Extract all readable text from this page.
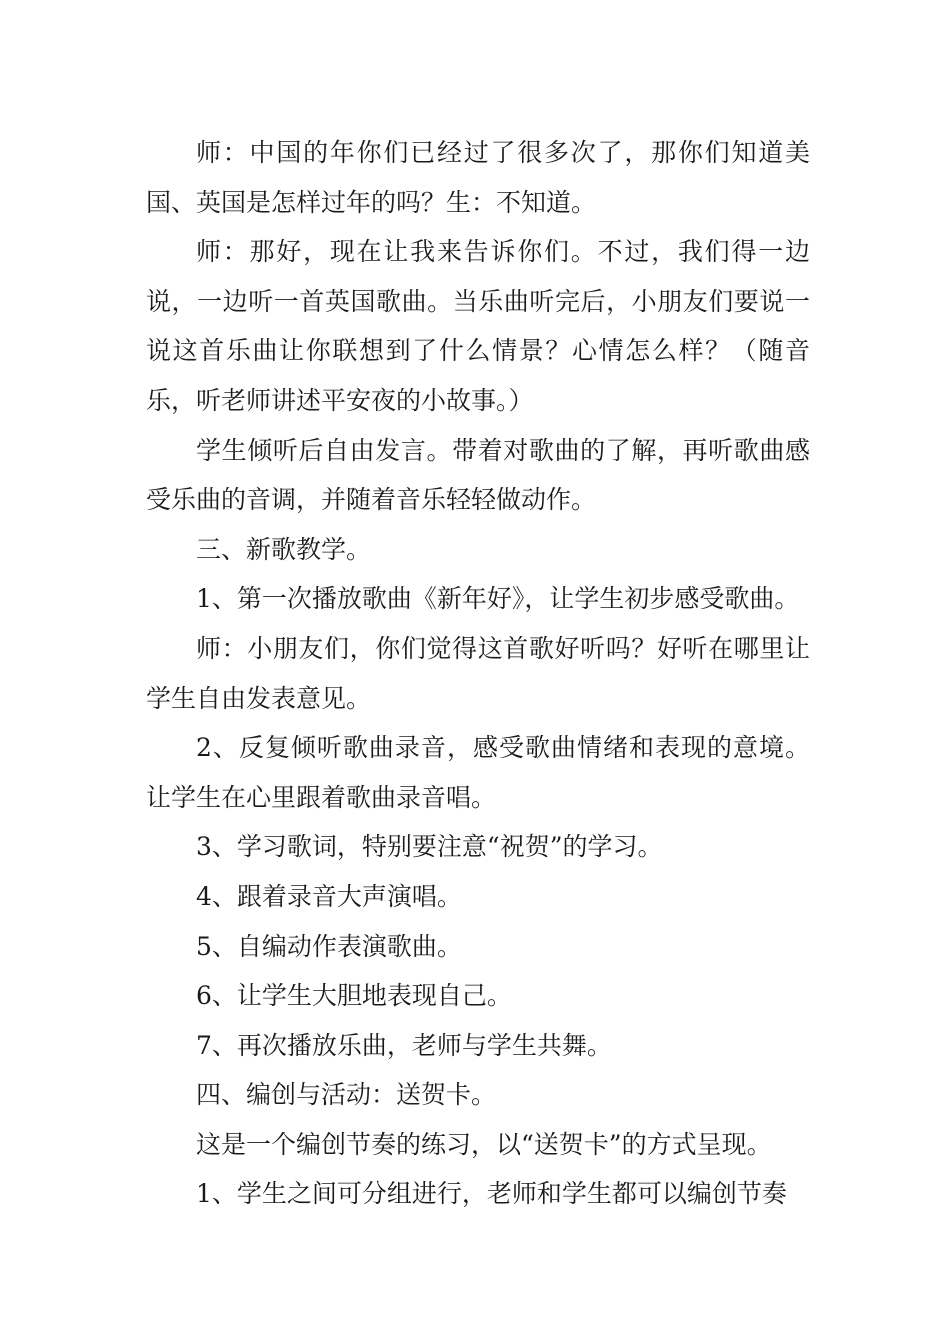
师：中国的年你们已经过了很多次了，那你们知道美国、英国是怎样过年的吗？生：不知道。

师：那好，现在让我来告诉你们。不过，我们得一边说，一边听一首英国歌曲。当乐曲听完后，小朋友们要说一说这首乐曲让你联想到了什么情景？心情怎么样？（随音乐，听老师讲述平安夜的小故事。）

学生倾听后自由发言。带着对歌曲的了解，再听歌曲感受乐曲的音调，并随着音乐轻轻做动作。

三、新歌教学。

1、第一次播放歌曲《新年好》，让学生初步感受歌曲。

师：小朋友们，你们觉得这首歌好听吗？好听在哪里让学生自由发表意见。

2、反复倾听歌曲录音，感受歌曲情绪和表现的意境。让学生在心里跟着歌曲录音唱。

3、学习歌词，特别要注意“祝贺”的学习。

4、跟着录音大声演唱。

5、自编动作表演歌曲。

6、让学生大胆地表现自己。

7、再次播放乐曲，老师与学生共舞。

四、编创与活动：送贺卡。

这是一个编创节奏的练习，以“送贺卡”的方式呈现。

1、学生之间可分组进行，老师和学生都可以编创节奏
